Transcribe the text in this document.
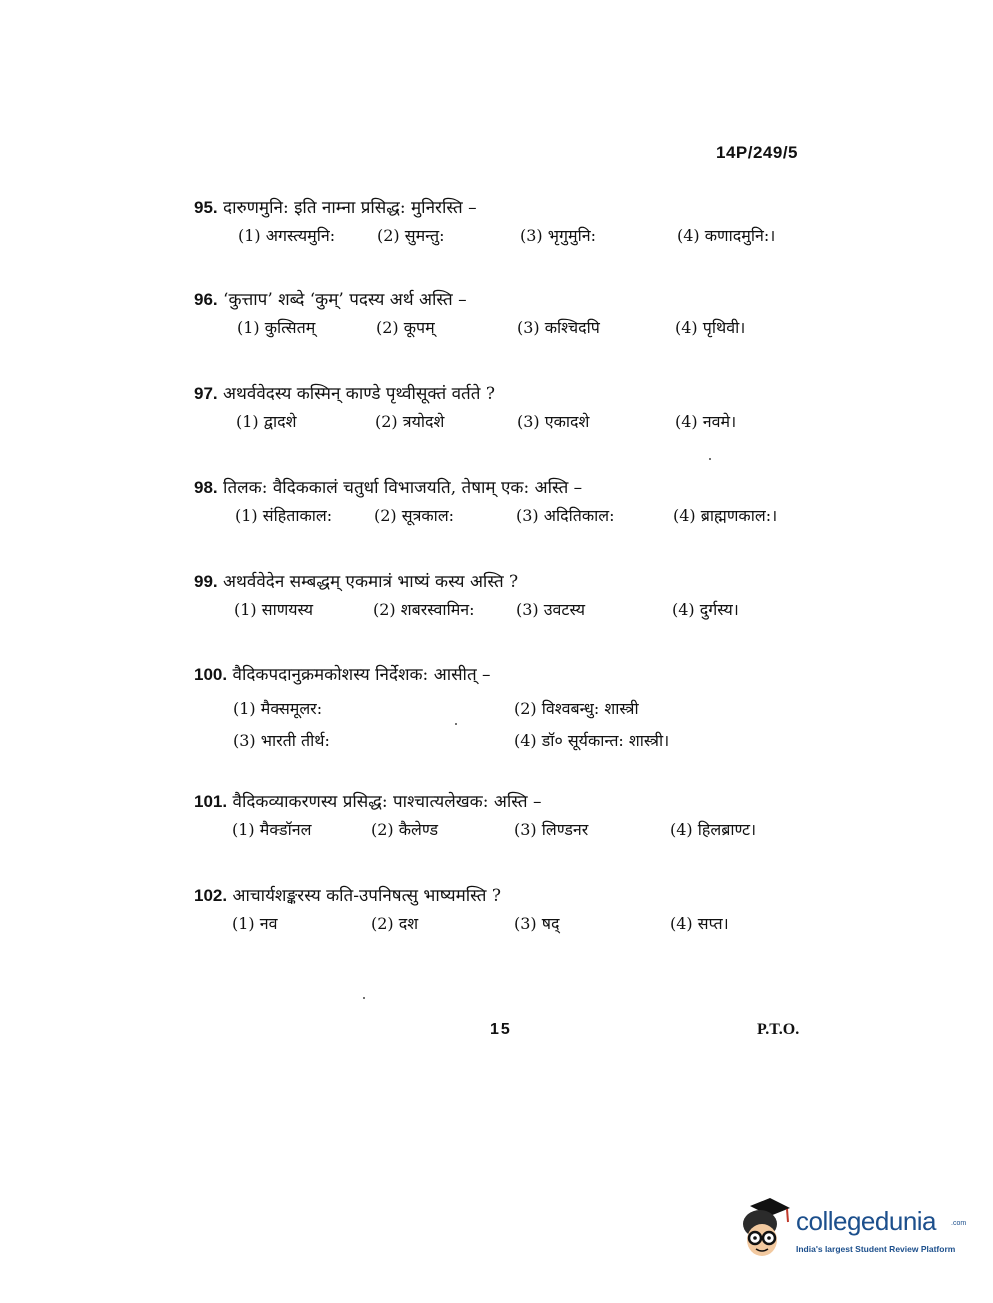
14P/249/5
95. दारुणमुनि: इति नाम्ना प्रसिद्ध: मुनिरस्ति –
(1) अगस्त्यमुनि:	(2) सुमन्तु:	(3) भृगुमुनि:	(4) कणादमुनि:।
96. ‘कुत्ताप’ शब्दे ‘कुम्’ पदस्य अर्थ अस्ति –
(1) कुत्सितम्	(2) कूपम्	(3) कश्चिदपि	(4) पृथिवी।
97. अथर्ववेदस्य कस्मिन् काण्डे पृथ्वीसूक्तं वर्तते ?
(1) द्वादशे	(2) त्रयोदशे	(3) एकादशे	(4) नवमे।
98. तिलक: वैदिककालं चतुर्धा विभाजयति, तेषाम् एक: अस्ति –
(1) संहिताकाल:	(2) सूत्रकाल:	(3) अदितिकाल:	(4) ब्राह्मणकाल:।
99. अथर्ववेदेन सम्बद्धम् एकमात्रं भाष्यं कस्य अस्ति ?
(1) साणयस्य	(2) शबरस्वामिन:	(3) उवटस्य	(4) दुर्गस्य।
100. वैदिकपदानुक्रमकोशस्य निर्देशक: आसीत् –
(1) मैक्समूलर:	(2) विश्वबन्धु: शास्त्री
(3) भारती तीर्थ:	(4) डॉ० सूर्यकान्त: शास्त्री।
101. वैदिकव्याकरणस्य प्रसिद्ध: पाश्चात्यलेखक: अस्ति –
(1) मैक्डॉनल	(2) कैलेण्ड	(3) लिण्डनर	(4) हिलब्राण्ट।
102. आचार्यशङ्करस्य कति-उपनिषत्सु भाष्यमस्ति ?
(1) नव	(2) दश	(3) षद्	(4) सप्त।
15	P.T.O.
collegedunia .com
India's largest Student Review Platform
